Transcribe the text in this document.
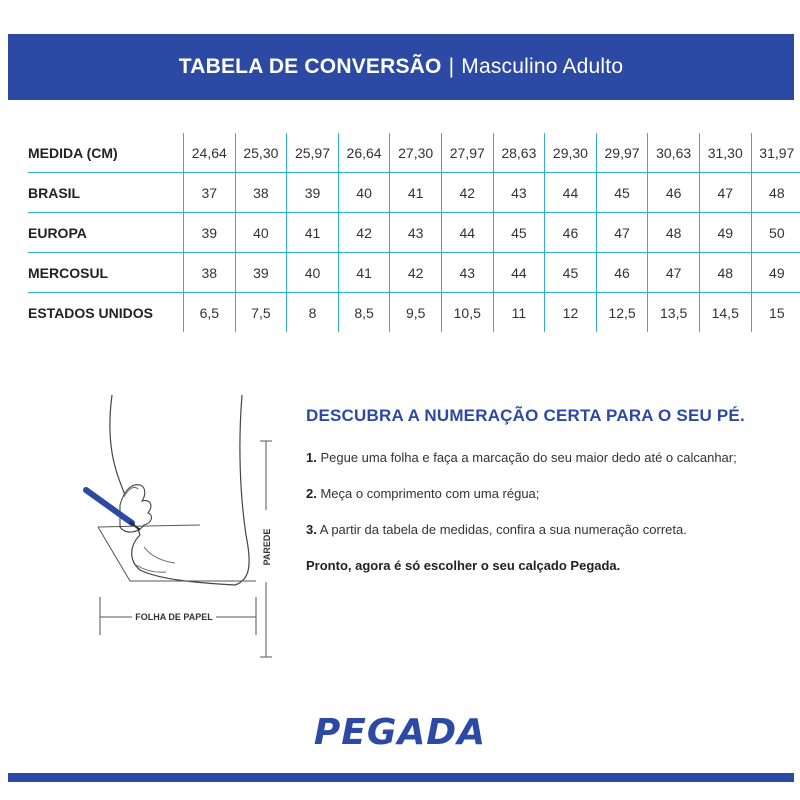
TABELA DE CONVERSÃO | Masculino Adulto
MEDIDA (CM)	24,64	25,30	25,97	26,64	27,30	27,97	28,63	29,30	29,97	30,63	31,30	31,97
BRASIL	37	38	39	40	41	42	43	44	45	46	47	48
EUROPA	39	40	41	42	43	44	45	46	47	48	49	50
MERCOSUL	38	39	40	41	42	43	44	45	46	47	48	49
ESTADOS UNIDOS	6,5	7,5	8	8,5	9,5	10,5	11	12	12,5	13,5	14,5	15
FOLHA DE PAPEL
PAREDE
DESCUBRA A NUMERAÇÃO CERTA PARA O SEU PÉ.
1. Pegue uma folha e faça a marcação do seu maior dedo até o calcanhar;
2. Meça o comprimento com uma régua;
3. A partir da tabela de medidas, confira a sua numeração correta.
Pronto, agora é só escolher o seu calçado Pegada.
PEGADA
